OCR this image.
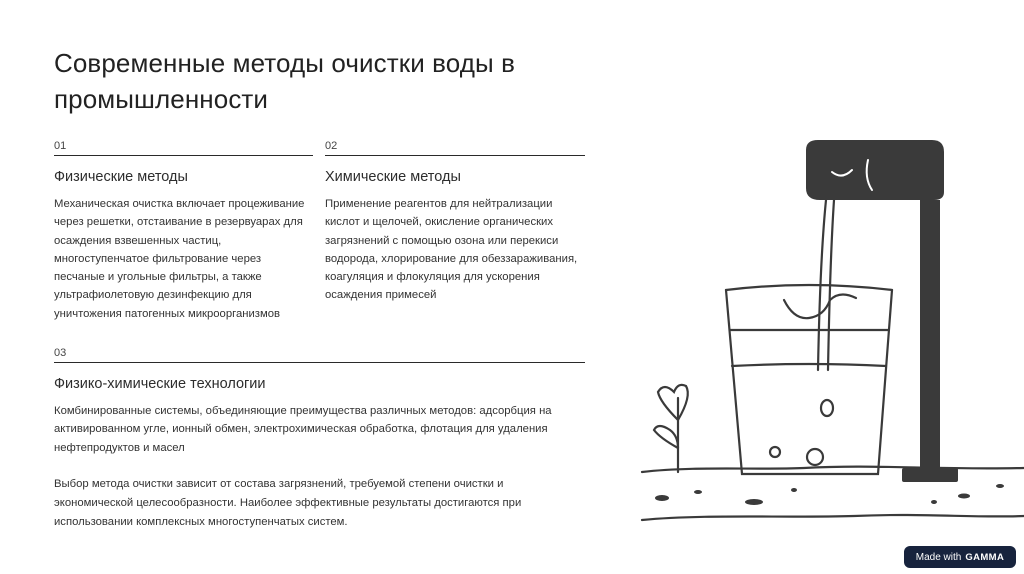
Современные методы очистки воды в промышленности
01
Физические методы
Механическая очистка включает процеживание через решетки, отстаивание в резервуарах для осаждения взвешенных частиц, многоступенчатое фильтрование через песчаные и угольные фильтры, а также ультрафиолетовую дезинфекцию для уничтожения патогенных микроорганизмов
02
Химические методы
Применение реагентов для нейтрализации кислот и щелочей, окисление органических загрязнений с помощью озона или перекиси водорода, хлорирование для обеззараживания, коагуляция и флокуляция для ускорения осаждения примесей
03
Физико-химические технологии
Комбинированные системы, объединяющие преимущества различных методов: адсорбция на активированном угле, ионный обмен, электрохимическая обработка, флотация для удаления нефтепродуктов и масел
Выбор метода очистки зависит от состава загрязнений, требуемой степени очистки и экономической целесообразности. Наиболее эффективные результаты достигаются при использовании комплексных многоступенчатых систем.
Made with GAMMA
